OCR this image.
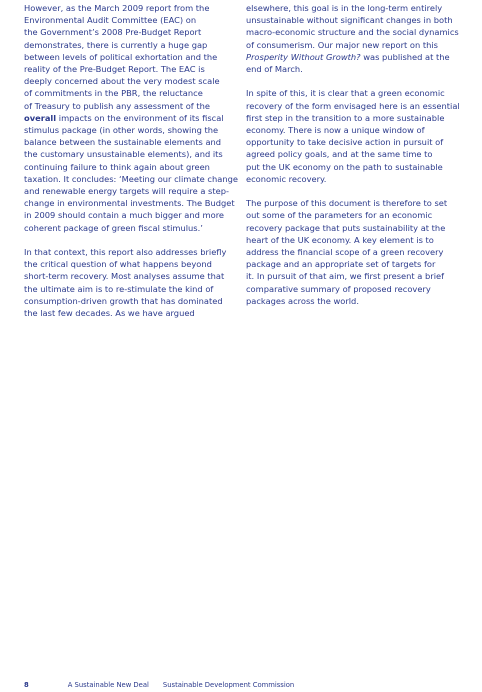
However, as the March 2009 report from the
Environmental Audit Committee (EAC) on
the Government’s 2008 Pre-Budget Report
demonstrates, there is currently a huge gap
between levels of political exhortation and the
reality of the Pre-Budget Report. The EAC is
deeply concerned about the very modest scale
of commitments in the PBR, the reluctance
of Treasury to publish any assessment of the
overall impacts on the environment of its fiscal
stimulus package (in other words, showing the
balance between the sustainable elements and
the customary unsustainable elements), and its
continuing failure to think again about green
taxation. It concludes: ‘Meeting our climate change
and renewable energy targets will require a step-
change in environmental investments. The Budget
in 2009 should contain a much bigger and more
coherent package of green fiscal stimulus.’
In that context, this report also addresses briefly
the critical question of what happens beyond
short-term recovery. Most analyses assume that
the ultimate aim is to re-stimulate the kind of
consumption-driven growth that has dominated
the last few decades. As we have argued
elsewhere, this goal is in the long-term entirely
unsustainable without significant changes in both
macro-economic structure and the social dynamics
of consumerism. Our major new report on this
Prosperity Without Growth? was published at the
end of March.
In spite of this, it is clear that a green economic
recovery of the form envisaged here is an essential
first step in the transition to a more sustainable
economy. There is now a unique window of
opportunity to take decisive action in pursuit of
agreed policy goals, and at the same time to
put the UK economy on the path to sustainable
economic recovery.
The purpose of this document is therefore to set
out some of the parameters for an economic
recovery package that puts sustainability at the
heart of the UK economy. A key element is to
address the financial scope of a green recovery
package and an appropriate set of targets for
it. In pursuit of that aim, we first present a brief
comparative summary of proposed recovery
packages across the world.
8	A Sustainable New Deal Sustainable Development Commission
